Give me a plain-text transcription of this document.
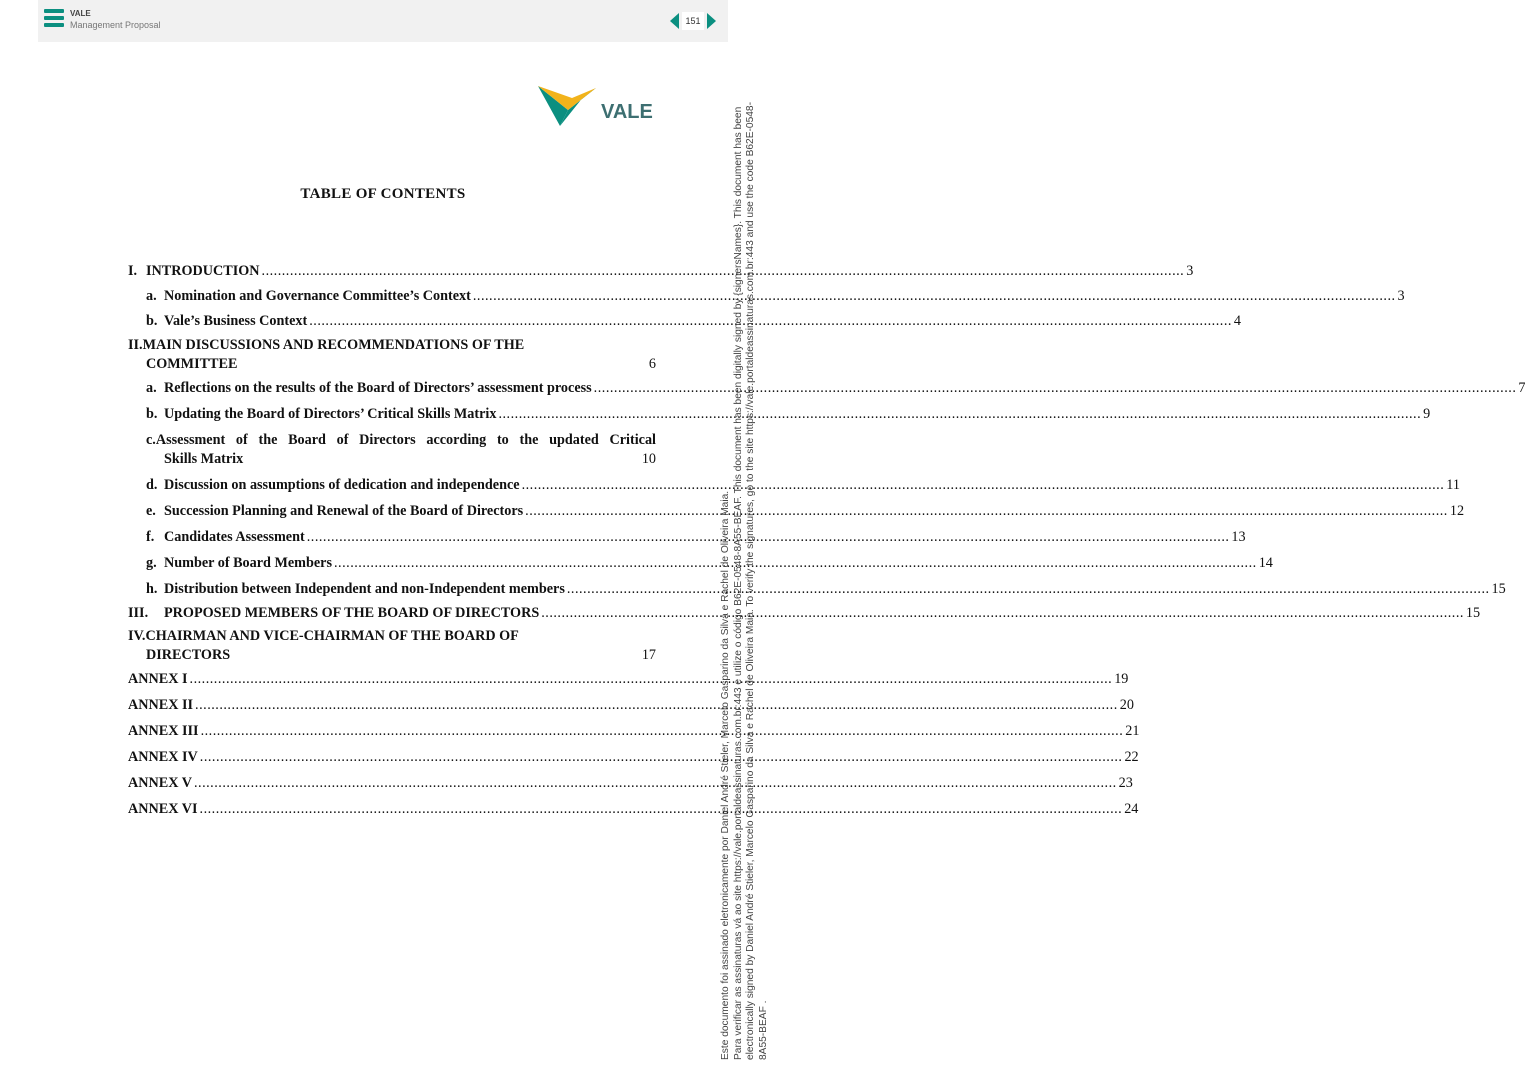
VALE
Management Proposal	151
VALE
TABLE OF CONTENTS
I. INTRODUCTION .....	3
a. Nomination and Governance Committee’s Context .....	3
b. Vale’s Business Context .....	4
II.MAIN DISCUSSIONS AND RECOMMENDATIONS OF THE
COMMITTEE	6
a. Reflections on the results of the Board of Directors’ assessment process .....	7
b. Updating the Board of Directors’ Critical Skills Matrix .....	9
c.Assessment of the Board of Directors according to the updated Critical
Skills Matrix	10
d. Discussion on assumptions of dedication and independence .....	11
e. Succession Planning and Renewal of the Board of Directors .....	12
f. Candidates Assessment .....	13
g. Number of Board Members .....	14
h. Distribution between Independent and non-Independent members .....	15
III. PROPOSED MEMBERS OF THE BOARD OF DIRECTORS .....	15
IV.CHAIRMAN AND VICE-CHAIRMAN OF THE BOARD OF
DIRECTORS	17
ANNEX I .....	19
ANNEX II .....	20
ANNEX III .....	21
ANNEX IV .....	22
ANNEX V .....	23
ANNEX VI .....	24
Este documento foi assinado eletronicamente por Daniel André Stieler, Marcelo Gasparino da Silva e Rachel de Oliveira Maia. Para verificar as assinaturas vá ao site https://vale.portaldeassinaturas.com.br:443 e utilize o código B62E-0548-8A55-BEAF. This document has been digitally signed by {signersNames}. This document has been electronically signed by Daniel André Stieler, Marcelo Gasparino da Silva e Rachel de Oliveira Maia. To verify the signatures, go to the site https://vale.portaldeassinaturas.com.br:443 and use the code B62E-0548- 8A55-BEAF .
